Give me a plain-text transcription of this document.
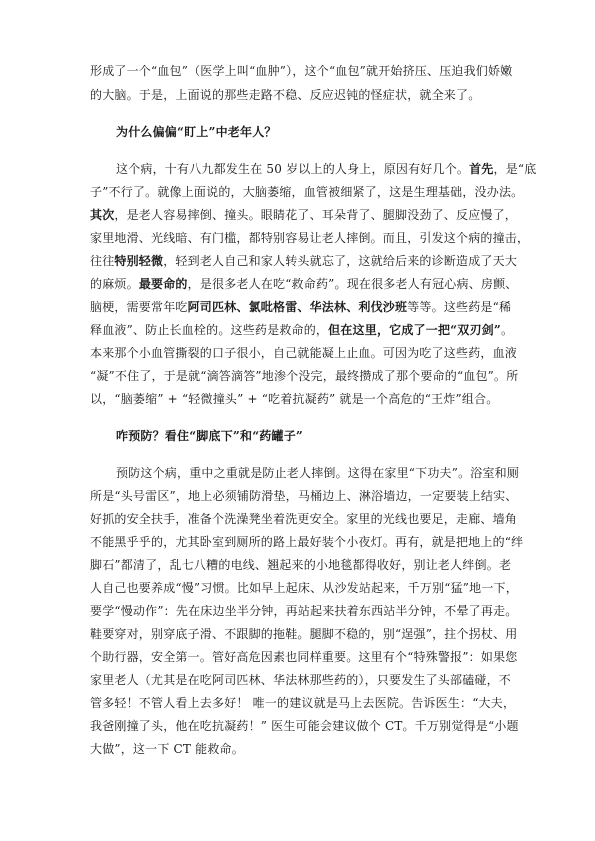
形成了一个“血包”（医学上叫“血肿”），这个“血包”就开始挤压、压迫我们娇嫩
的大脑。于是，上面说的那些走路不稳、反应迟钝的怪症状，就全来了。
为什么偏偏“盯上”中老年人？
这个病，十有八九都发生在 50 岁以上的人身上，原因有好几个。首先，是“底
子”不行了。就像上面说的，大脑萎缩，血管被细紧了，这是生理基础，没办法。
其次，是老人容易摔倒、撞头。眼睛花了、耳朵背了、腿脚没劲了、反应慢了，
家里地滑、光线暗、有门槛，都特别容易让老人摔倒。而且，引发这个病的撞击，
往往特别轻微，轻到老人自己和家人转头就忘了，这就给后来的诊断造成了天大
的麻烦。最要命的，是很多老人在吃“救命药”。现在很多老人有冠心病、房颤、
脑梗，需要常年吃阿司匹林、氯吡格雷、华法林、利伐沙班等等。这些药是“稀
释血液”、防止长血栓的。这些药是救命的，但在这里，它成了一把“双刃剑”。
本来那个小血管撕裂的口子很小，自己就能凝上止血。可因为吃了这些药，血液
“凝”不住了，于是就“滴答滴答”地渗个没完，最终攒成了那个要命的“血包”。所
以，“脑萎缩” + “轻微撞头” + “吃着抗凝药” 就是一个高危的“王炸”组合。
咋预防？看住“脚底下”和“药罐子”
预防这个病，重中之重就是防止老人摔倒。这得在家里“下功夫”。浴室和厕
所是“头号雷区”，地上必须铺防滑垫，马桶边上、淋浴墙边，一定要装上结实、
好抓的安全扶手，准备个洗澡凳坐着洗更安全。家里的光线也要足，走廊、墙角
不能黑乎乎的，尤其卧室到厕所的路上最好装个小夜灯。再有，就是把地上的“绊
脚石”都清了，乱七八糟的电线、翘起来的小地毯都得收好，别让老人绊倒。老
人自己也要养成“慢”习惯。比如早上起床、从沙发站起来，千万别“猛”地一下，
要学“慢动作”：先在床边坐半分钟，再站起来扶着东西站半分钟，不晕了再走。
鞋要穿对，别穿底子滑、不跟脚的拖鞋。腿脚不稳的，别“逞强”，拄个拐杖、用
个助行器，安全第一。管好高危因素也同样重要。这里有个“特殊警报”：如果您
家里老人（尤其是在吃阿司匹林、华法林那些药的），只要发生了头部磕碰，不
管多轻！不管人看上去多好！ 唯一的建议就是马上去医院。告诉医生：“大夫，
我爸刚撞了头，他在吃抗凝药！” 医生可能会建议做个 CT。千万别觉得是“小题
大做”，这一下 CT 能救命。
